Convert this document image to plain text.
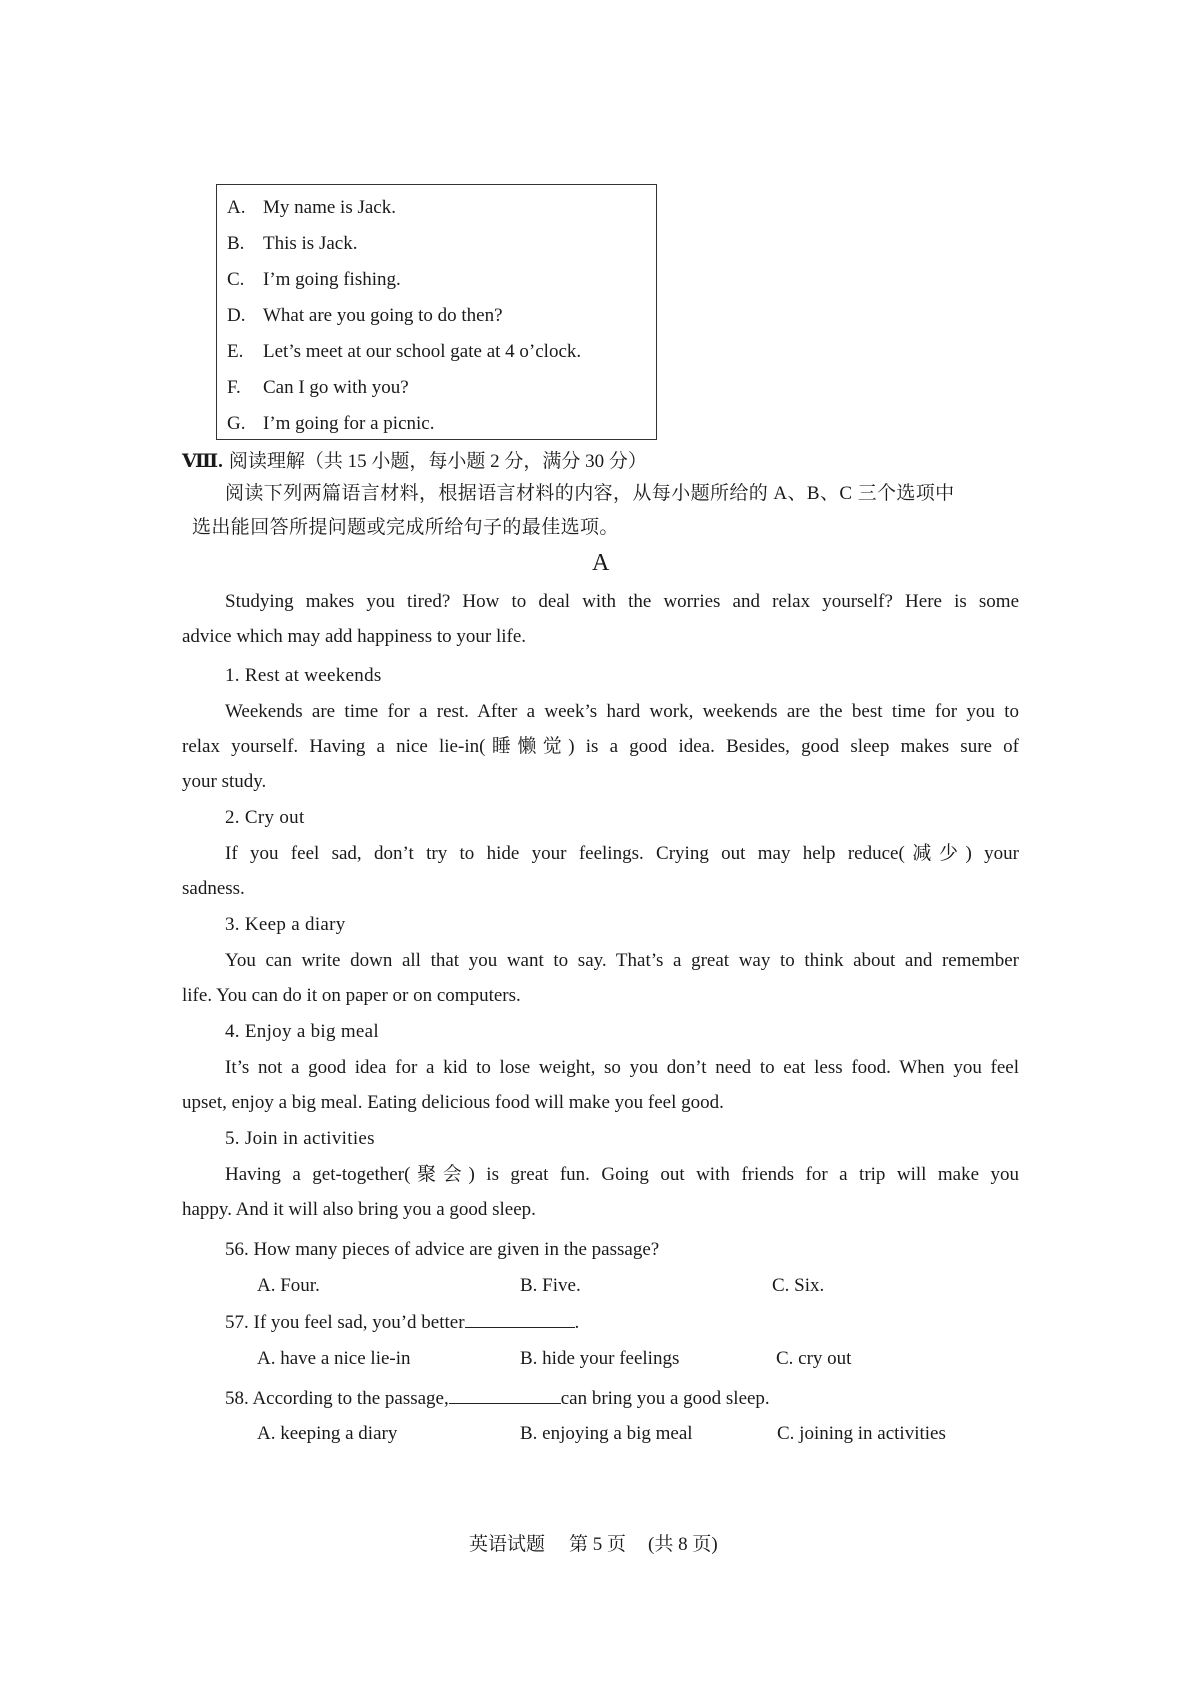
A. My name is Jack.
B. This is Jack.
C. I’m going fishing.
D. What are you going to do then?
E. Let’s meet at our school gate at 4 o’clock.
F. Can I go with you?
G. I’m going for a picnic.
Ⅷ. 阅读理解（共 15 小题，每小题 2 分，满分 30 分）
阅读下列两篇语言材料，根据语言材料的内容，从每小题所给的 A、B、C 三个选项中
选出能回答所提问题或完成所给句子的最佳选项。
A
Studying makes you tired? How to deal with the worries and relax yourself? Here is some
advice which may add happiness to your life.
1. Rest at weekends
Weekends are time for a rest. After a week’s hard work, weekends are the best time for you to
relax yourself. Having a nice lie-in(睡懒觉) is a good idea. Besides, good sleep makes sure of
your study.
2. Cry out
If you feel sad, don’t try to hide your feelings. Crying out may help reduce(减少) your
sadness.
3. Keep a diary
You can write down all that you want to say. That’s a great way to think about and remember
life. You can do it on paper or on computers.
4. Enjoy a big meal
It’s not a good idea for a kid to lose weight, so you don’t need to eat less food. When you feel
upset, enjoy a big meal. Eating delicious food will make you feel good.
5. Join in activities
Having a get-together(聚会) is great fun. Going out with friends for a trip will make you
happy. And it will also bring you a good sleep.
56. How many pieces of advice are given in the passage?
A. Four.	B. Five.	C. Six.
57. If you feel sad, you’d better	.
A. have a nice lie-in	B. hide your feelings	C. cry out
58. According to the passage,	can bring you a good sleep.
A. keeping a diary	B. enjoying a big meal	C. joining in activities
英语试题 第 5 页 (共 8 页)
